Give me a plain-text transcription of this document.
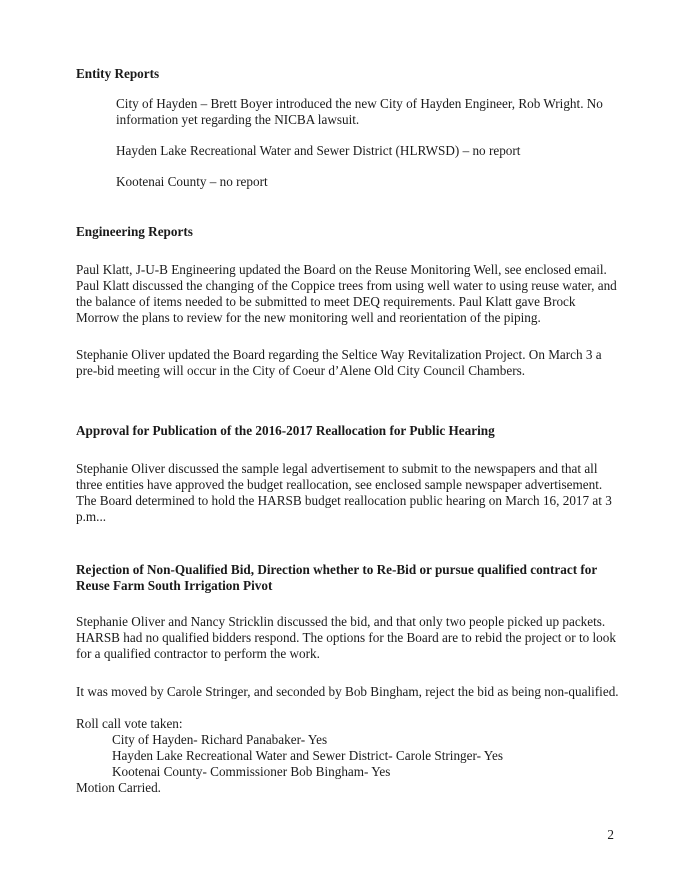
Entity Reports

City of Hayden – Brett Boyer introduced the new City of Hayden Engineer, Rob Wright. No information yet regarding the NICBA lawsuit.

Hayden Lake Recreational Water and Sewer District (HLRWSD) – no report

Kootenai County – no report

Engineering Reports

Paul Klatt, J-U-B Engineering updated the Board on the Reuse Monitoring Well, see enclosed email. Paul Klatt discussed the changing of the Coppice trees from using well water to using reuse water, and the balance of items needed to be submitted to meet DEQ requirements. Paul Klatt gave Brock Morrow the plans to review for the new monitoring well and reorientation of the piping.

Stephanie Oliver updated the Board regarding the Seltice Way Revitalization Project. On March 3 a pre-bid meeting will occur in the City of Coeur d’Alene Old City Council Chambers.

Approval for Publication of the 2016-2017 Reallocation for Public Hearing

Stephanie Oliver discussed the sample legal advertisement to submit to the newspapers and that all three entities have approved the budget reallocation, see enclosed sample newspaper advertisement. The Board determined to hold the HARSB budget reallocation public hearing on March 16, 2017 at 3 p.m...

Rejection of Non-Qualified Bid, Direction whether to Re-Bid or pursue qualified contract for Reuse Farm South Irrigation Pivot

Stephanie Oliver and Nancy Stricklin discussed the bid, and that only two people picked up packets. HARSB had no qualified bidders respond. The options for the Board are to rebid the project or to look for a qualified contractor to perform the work.

It was moved by Carole Stringer, and seconded by Bob Bingham, reject the bid as being non-qualified.

Roll call vote taken:

City of Hayden- Richard Panabaker- Yes

Hayden Lake Recreational Water and Sewer District- Carole Stringer- Yes

Kootenai County- Commissioner Bob Bingham- Yes

Motion Carried.

2
